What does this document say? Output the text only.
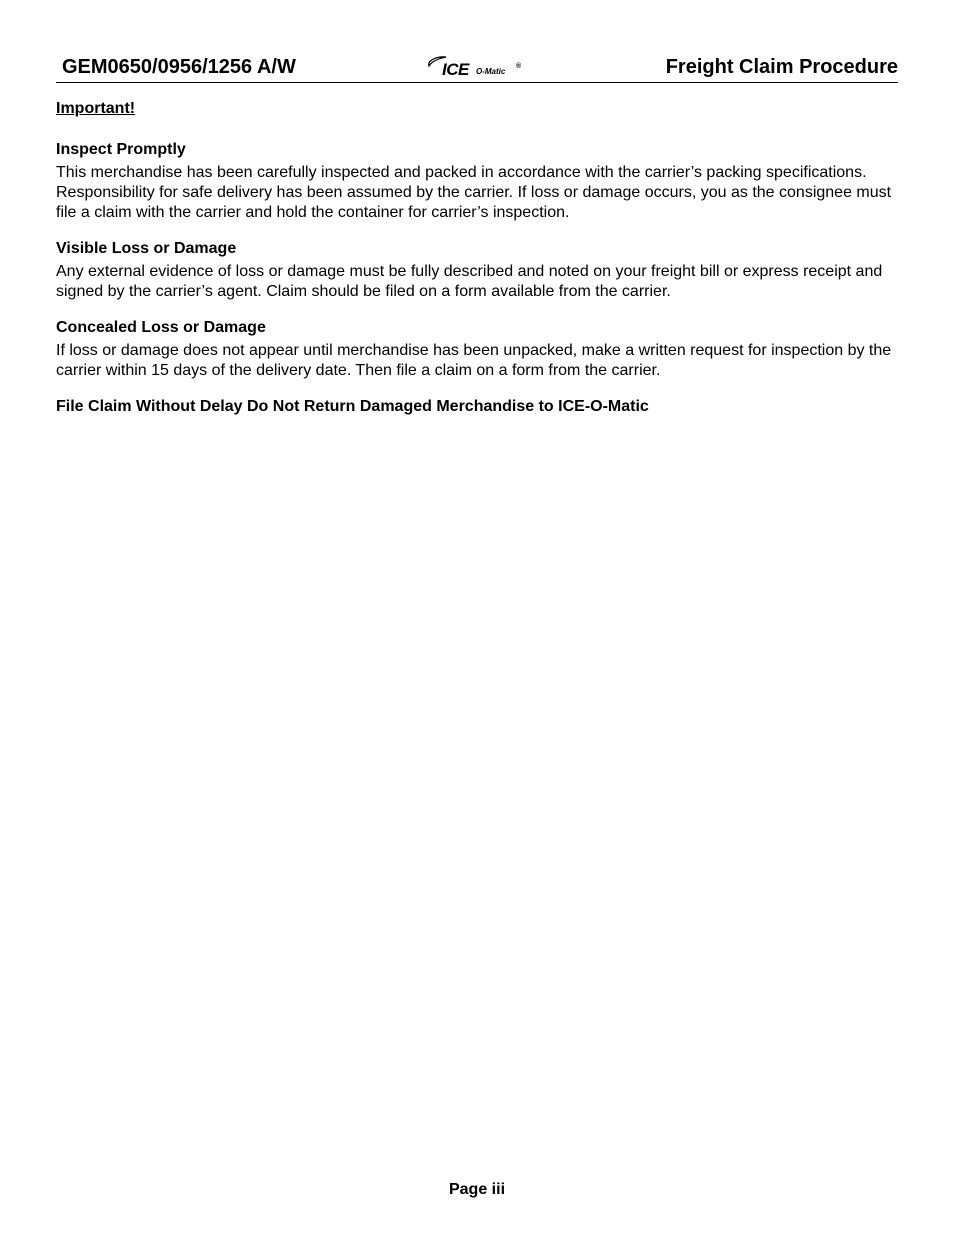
GEM0650/0956/1256 A/W	ICE O-Matic
®	Freight Claim Procedure
Important!
Inspect Promptly

This merchandise has been carefully inspected and packed in accordance with the carrier’s packing specifications. Responsibility for safe delivery has been assumed by the carrier. If loss or damage occurs, you as the consignee must file a claim with the carrier and hold the container for carrier’s inspection.

Visible Loss or Damage

Any external evidence of loss or damage must be fully described and noted on your freight bill or express receipt and signed by the carrier’s agent. Claim should be filed on a form available from the carrier.

Concealed Loss or Damage

If loss or damage does not appear until merchandise has been unpacked, make a written request for inspection by the carrier within 15 days of the delivery date. Then file a claim on a form from the carrier.

File Claim Without Delay Do Not Return Damaged Merchandise to ICE-O-Matic
Page iii
